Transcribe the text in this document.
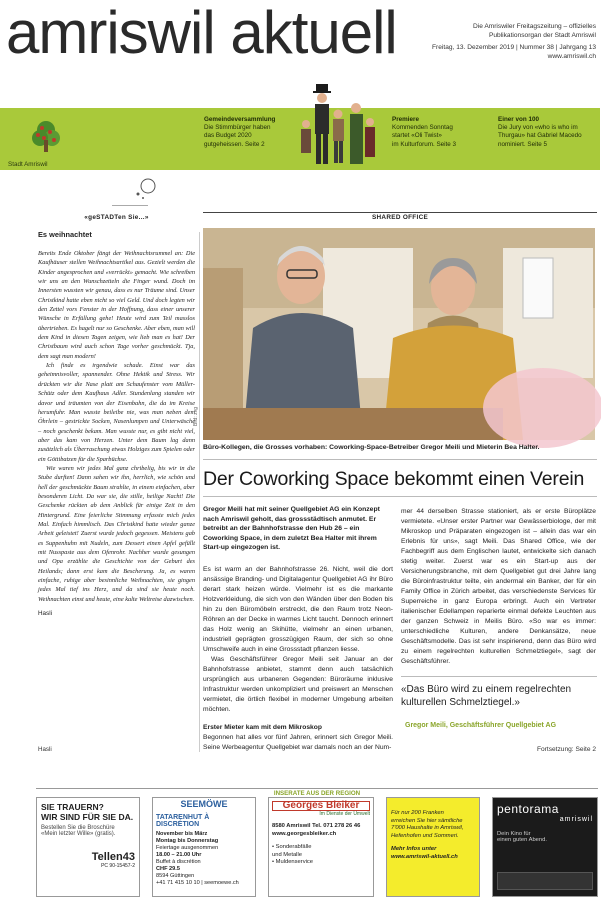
amriswil aktuell	Die Amriswiler Freitagszeitung – offizielles
Publikationsorgan der Stadt Amriswil
Freitag, 13. Dezember 2019 | Nummer 38 | Jahrgang 13
www.amriswil.ch
Stadt Amriswil
Gemeindeversammlung
Die Stimmbürger haben
das Budget 2020
gutgeheissen. Seite 2
Premiere
Kommenden Sonntag
startet «Oli Twist»
im Kulturforum. Seite 3
Einer von 100
Die Jury von «who is who im
Thurgau» hat Gabriel Macedo
nominiert. Seite 5
«geSTADTen Sie...»	SHARED OFFICE
Es weihnachtet

Bereits Ende Oktober fängt der Weihnachtsrummel an: Die Kaufhäuser stellen Weihnachtsartikel aus. Gezielt werden die Kinder angesprochen und «verrückt» gemacht. Wie schreiben wir uns an den Wunschzetteln die Finger wund. Doch im Innersten wussten wir genau, dass es nur Träume sind. Unser Christkind hatte eben nicht so viel Geld. Und doch legten wir den Zettel vors Fenster in der Hoffnung, dass einer unserer Wünsche in Erfüllung gehe! Heute wird zum Teil masslos übertrieben. Es hagelt nur so Geschenke. Aber eben, man will dem Kind in diesen Tagen zeigen, wie lieb man es hat! Der Christbaum wird auch schon Tage vorher geschmückt. Tja, dem sagt man modern!

Ich finde es irgendwie schade. Einst war das geheimnisvoller, spannender. Ohne Hektik und Stress. Wir drückten wir die Nase platt am Schaufenster vom Müller-Schütz oder dem Kaufhaus Adler. Stundenlang standen wir davor und träumten von der Eisenbahn, die da im Kreise herumfuhr. Man wusste beileibe nie, was man neben dem Öhrlein – gestrickte Socken, Nasenlumpen und Unterwäsche – noch geschenkt bekam. Man wusste nur, es gibt nicht viel, aber das kam von Herzen. Unter dem Baum lag dann zusätzlich als Überraschung etwas Holziges zum Spielen oder ein Göttibatzen für die Sparbüchse.

Wie waren wir jedes Mal ganz chribelig, bis wir in die Stube durften! Dann sahen wir ihn, herrlich, wie schön und hell der geschmückte Baum strahlte, in einem einfachen, aber besonderen Licht. Da war sie, die stille, heilige Nacht! Die Geschenke rückten ab dem Anblick für einige Zeit in den Hintergrund. Eine feierliche Stimmung erfasste mich jedes Mal. Einfach himmlisch. Das Christkind hatte wieder ganze Arbeit geleistet! Zuerst wurde jedoch gegessen. Meistens gab es Suppenhuhn mit Nudeln, zum Dessert einen Apfel gefüllt mit Nusspaste aus dem Ofenrohr. Nachher wurde gesungen und Opa erzählte die Geschichte von der Geburt des Heilands; dann erst kam die Bescherung. Ja, es waren einfache, ruhige aber besinnliche Weihnachten, sie gingen jedes Mal tief ins Herz, und da sind sie heute noch. Weihnachten einst und heute, eine kalte Weltreise dazwischen.

Hasli
Bild: zvg
Büro-Kollegen, die Grosses vorhaben: Coworking-Space-Betreiber Gregor Meili und Mieterin Bea Halter.
Der Coworking Space bekommt einen Verein
Gregor Meili hat mit seiner Quellgebiet AG ein Konzept nach Amriswil geholt, das grossstädtisch anmutet. Er betreibt an der Bahnhofstrasse den Hub 26 – ein Coworking Space, in dem zuletzt Bea Halter mit ihrem Start-up eingezogen ist.

Es ist warm an der Bahnhofstrasse 26. Nicht, weil die dort ansässige Branding- und Digitalagentur Quellgebiet AG ihr Büro derart stark heizen würde. Vielmehr ist es die markante Holzverkleidung, die sich von den Wänden über den Boden bis hin zu den Büromöbeln erstreckt, die den Raum trotz Neon-Röhren an der Decke in warmes Licht taucht. Dennoch erinnert das Holz wenig an Skihütte, vielmehr an einen urbanen, industriell geprägten grosszügigen Raum, der sich so ohne Umschweife auch in eine Grossstadt pflanzen liesse.

Was Geschäftsführer Gregor Meili seit Januar an der Bahnhofstrasse anbietet, stammt denn auch tatsächlich ursprünglich aus urbaneren Gegenden: Büroräume inklusive Infrastruktur werden unkompliziert und preiswert an Menschen vermietet, die örtlich flexibel in moderner Umgebung arbeiten möchten.

Erster Mieter kam mit dem Mikroskop

Begonnen hat alles vor fünf Jahren, erinnert sich Gregor Meili. Seine Werbeagentur Quellgebiet war damals noch an der Num-

mer 44 derselben Strasse stationiert, als er erste Büroplätze vermietete. «Unser erster Partner war Gewässerbiologe, der mit Mikroskop und Präparaten eingezogen ist – allein das war ein Erlebnis für uns», sagt Meili. Das Shared Office, wie der Fachbegriff aus dem Englischen lautet, entwickelte sich danach stetig weiter. Zuerst war es ein Start-up aus der Versicherungsbranche, mit dem Quellgebiet gut drei Jahre lang die Büroinfrastruktur teilte, ein andermal ein Banker, der für ein Family Office in Zürich arbeitet, das verschiedenste Services für Superreiche in ganz Europa erbringt. Auch ein Vertreter italienischer Edellampen reparierte einmal defekte Leuchten aus der ganzen Schweiz in Meilis Büro. «So war es immer: unterschiedliche Kulturen, andere Denkansätze, neue Geschäftsmodelle. Das ist sehr inspirierend, denn das Büro wird zu einem regelrechten kulturellen Schmelztiegel», sagt der Geschäftsführer.

«Das Büro wird zu einem regelrechten kulturellen Schmelztiegel.»
Gregor Meili, Geschäftsführer Quellgebiet AG
Hasli	Fortsetzung: Seite 2
INSERATE AUS DER REGION
SIE TRAUERN?
WIR SIND FÜR SIE DA.
Bestellen Sie die Broschüre
«Mein letzter Wille» (gratis).
Tellen43
PC 90-15457-2
SEEMÖWE
TATARENHUT À DISCRÉTION
November bis März
Montag bis Donnerstag
Feiertage ausgenommen
18.00 – 21.00 Uhr
Buffet à discrétion
CHF 29.5
8594 Güttingen
+41 71 415 10 10 | seemoewe.ch
Georges Bleiker
Im Dienste der Umwelt
8580 Amriswil Tel. 071 278 26 46
www.georgesbleiker.ch
• Sonderabfälle
und Metalle
• Muldenservice
Für nur 200 Franken
erreichen Sie hier sämtliche
7'000 Haushalte in Amriswil,
Hefenhofen und Sommeri.
Mehr Infos unter
www.amriswil-aktuell.ch
pentorama
amriswil
Dein Kino für
einen guten Abend.
